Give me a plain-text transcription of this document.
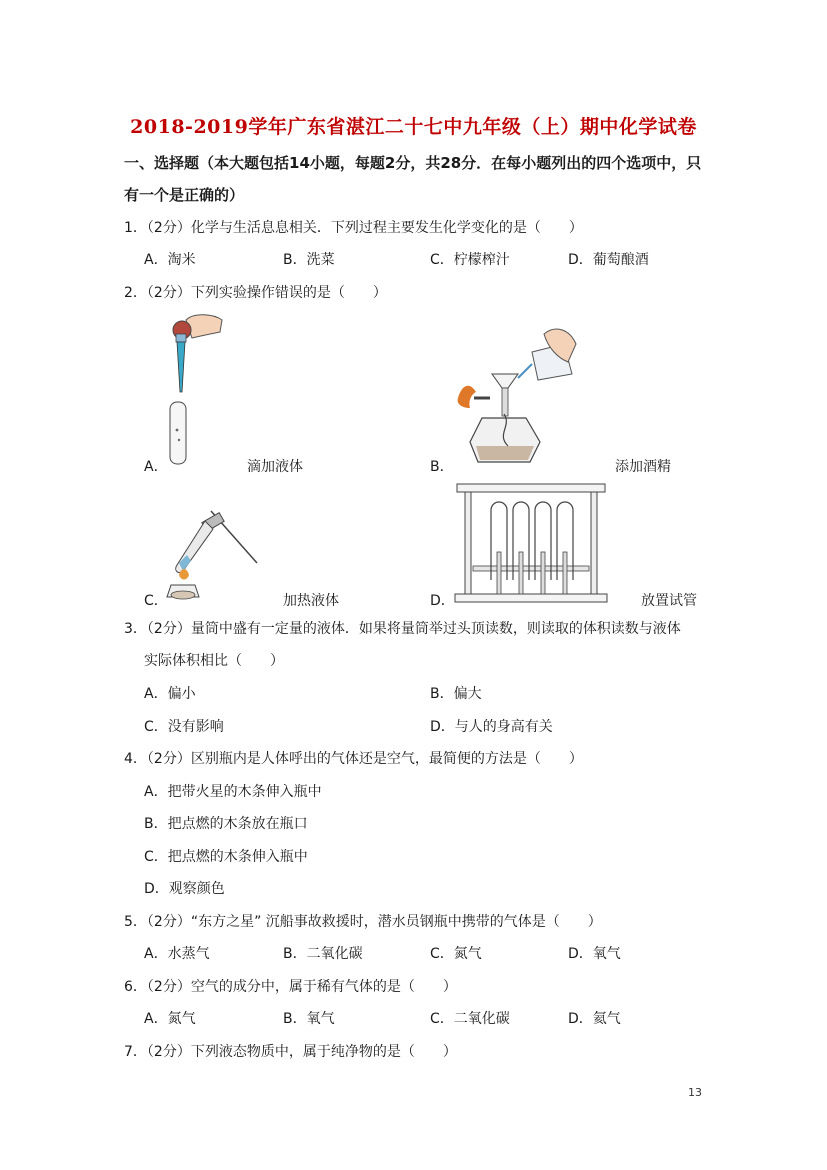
2018-2019学年广东省湛江二十七中九年级（上）期中化学试卷
一、选择题（本大题包括14小题，每题2分，共28分．在每小题列出的四个选项中，只
有一个是正确的）
1．（2分）化学与生活息息相关．下列过程主要发生化学变化的是（　　）
A．淘米	B．洗菜	C．柠檬榨汁	D．葡萄酿酒
2．（2分）下列实验操作错误的是（　　）
A．	滴加液体	B．	添加酒精
C．	加热液体	D．	放置试管
3．（2分）量筒中盛有一定量的液体．如果将量筒举过头顶读数，则读取的体积读数与液体
实际体积相比（　　）
A．偏小	B．偏大
C．没有影响	D．与人的身高有关
4．（2分）区别瓶内是人体呼出的气体还是空气，最简便的方法是（　　）
A．把带火星的木条伸入瓶中
B．把点燃的木条放在瓶口
C．把点燃的木条伸入瓶中
D．观察颜色
5．（2分）“东方之星” 沉船事故救援时，潜水员钢瓶中携带的气体是（　　）
A．水蒸气	B．二氧化碳	C．氮气	D．氧气
6．（2分）空气的成分中，属于稀有气体的是（　　）
A．氮气	B．氧气	C．二氧化碳	D．氦气
7．（2分）下列液态物质中，属于纯净物的是（　　）
13
